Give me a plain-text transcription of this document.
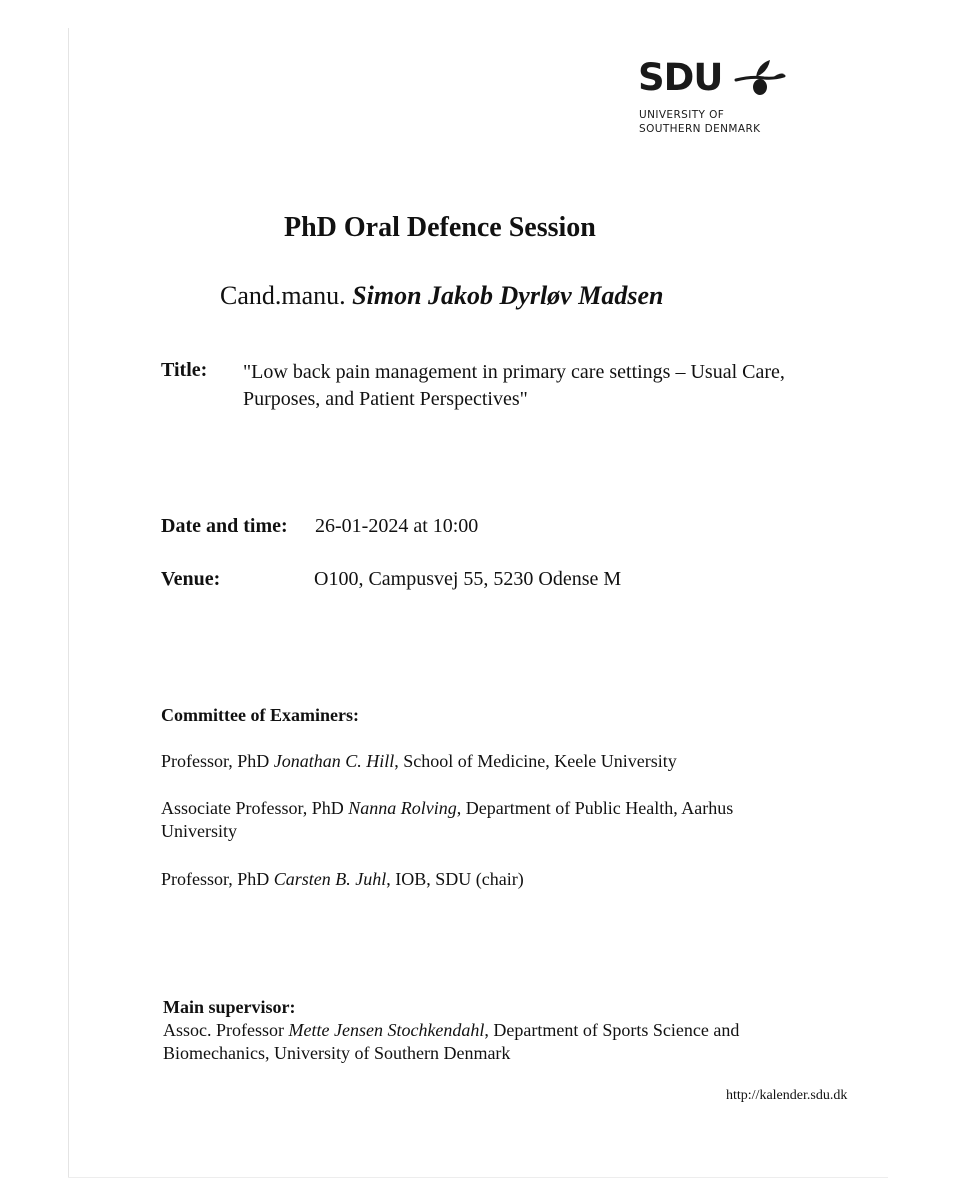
SDU
UNIVERSITY OF
SOUTHERN DENMARK
PhD Oral Defence Session
Cand.manu. Simon Jakob Dyrløv Madsen
Title: "Low back pain management in primary care settings – Usual Care, Purposes, and Patient Perspectives"
Date and time: 26-01-2024 at 10:00
Venue:	O100, Campusvej 55, 5230 Odense M
Committee of Examiners:
Professor, PhD Jonathan C. Hill, School of Medicine, Keele University
Associate Professor, PhD Nanna Rolving, Department of Public Health, Aarhus University
Professor, PhD Carsten B. Juhl, IOB, SDU (chair)
Main supervisor:
Assoc. Professor Mette Jensen Stochkendahl, Department of Sports Science and Biomechanics, University of Southern Denmark
http://kalender.sdu.dk
